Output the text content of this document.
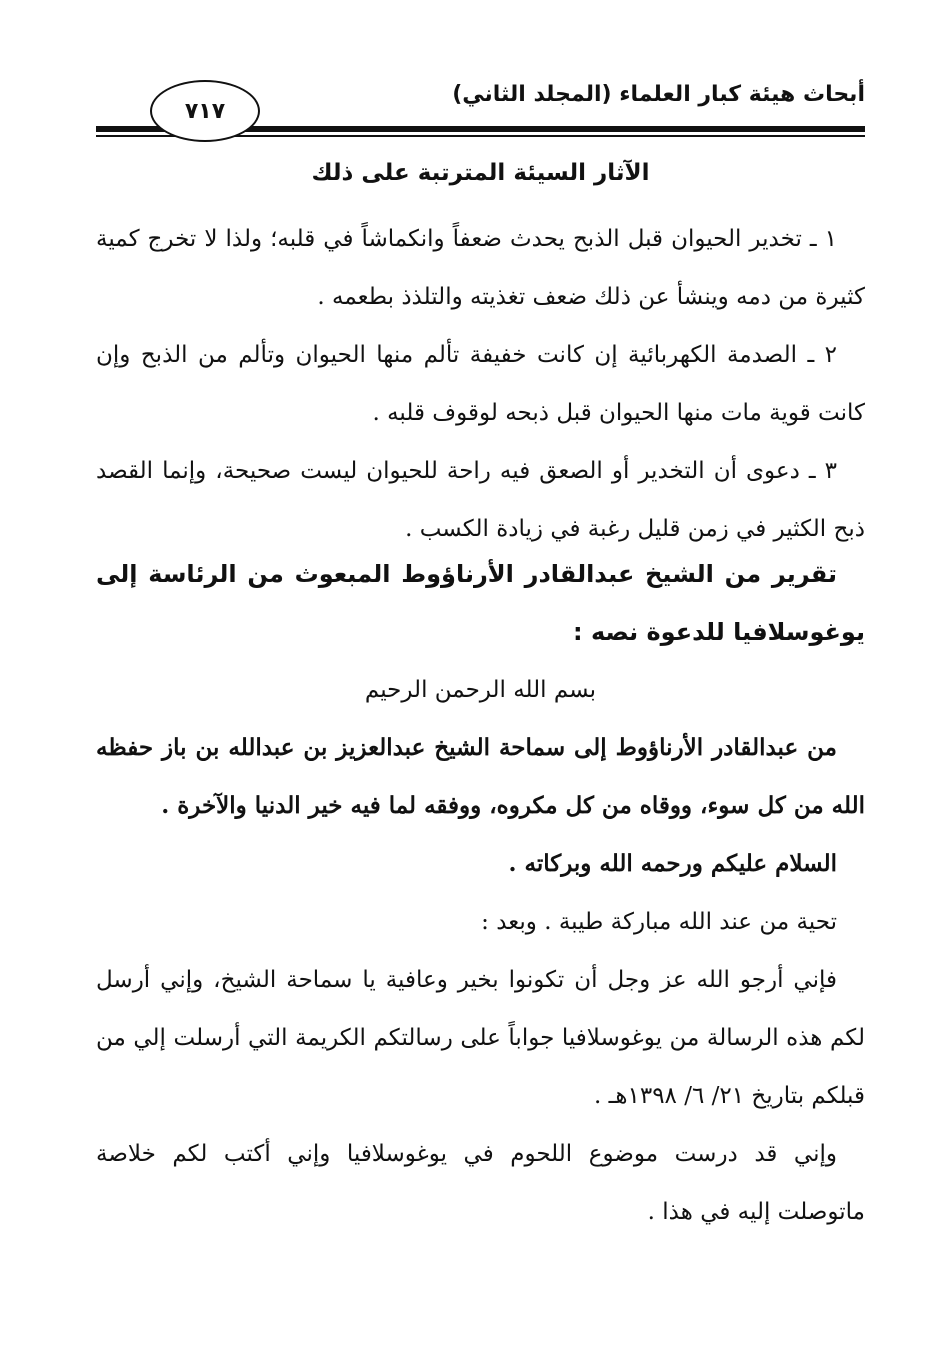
أبحاث هيئة كبار العلماء (المجلد الثاني)
٧١٧
الآثار السيئة المترتبة على ذلك

١ ـ تخدير الحيوان قبل الذبح يحدث ضعفاً وانكماشاً في قلبه؛ ولذا لا تخرج كمية كثيرة من دمه وينشأ عن ذلك ضعف تغذيته والتلذذ بطعمه .

٢ ـ الصدمة الكهربائية إن كانت خفيفة تألم منها الحيوان وتألم من الذبح وإن كانت قوية مات منها الحيوان قبل ذبحه لوقوف قلبه .

٣ ـ دعوى أن التخدير أو الصعق فيه راحة للحيوان ليست صحيحة، وإنما القصد ذبح الكثير في زمن قليل رغبة في زيادة الكسب .

تقرير من الشيخ عبدالقادر الأرناؤوط المبعوث من الرئاسة إلى يوغوسلافيا للدعوة نصه :

بسم الله الرحمن الرحيم

من عبدالقادر الأرناؤوط إلى سماحة الشيخ عبدالعزيز بن عبدالله بن باز حفظه الله من كل سوء، ووقاه من كل مكروه، ووفقه لما فيه خير الدنيا والآخرة .

السلام عليكم ورحمه الله وبركاته .

تحية من عند الله مباركة طيبة . وبعد :

فإني أرجو الله عز وجل أن تكونوا بخير وعافية يا سماحة الشيخ، وإني أرسل لكم هذه الرسالة من يوغوسلافيا جواباً على رسالتكم الكريمة التي أرسلت إلي من قبلكم بتاريخ ٢١/ ٦/ ١٣٩٨هـ .

وإني قد درست موضوع اللحوم في يوغوسلافيا وإني أكتب لكم خلاصة ماتوصلت إليه في هذا .
